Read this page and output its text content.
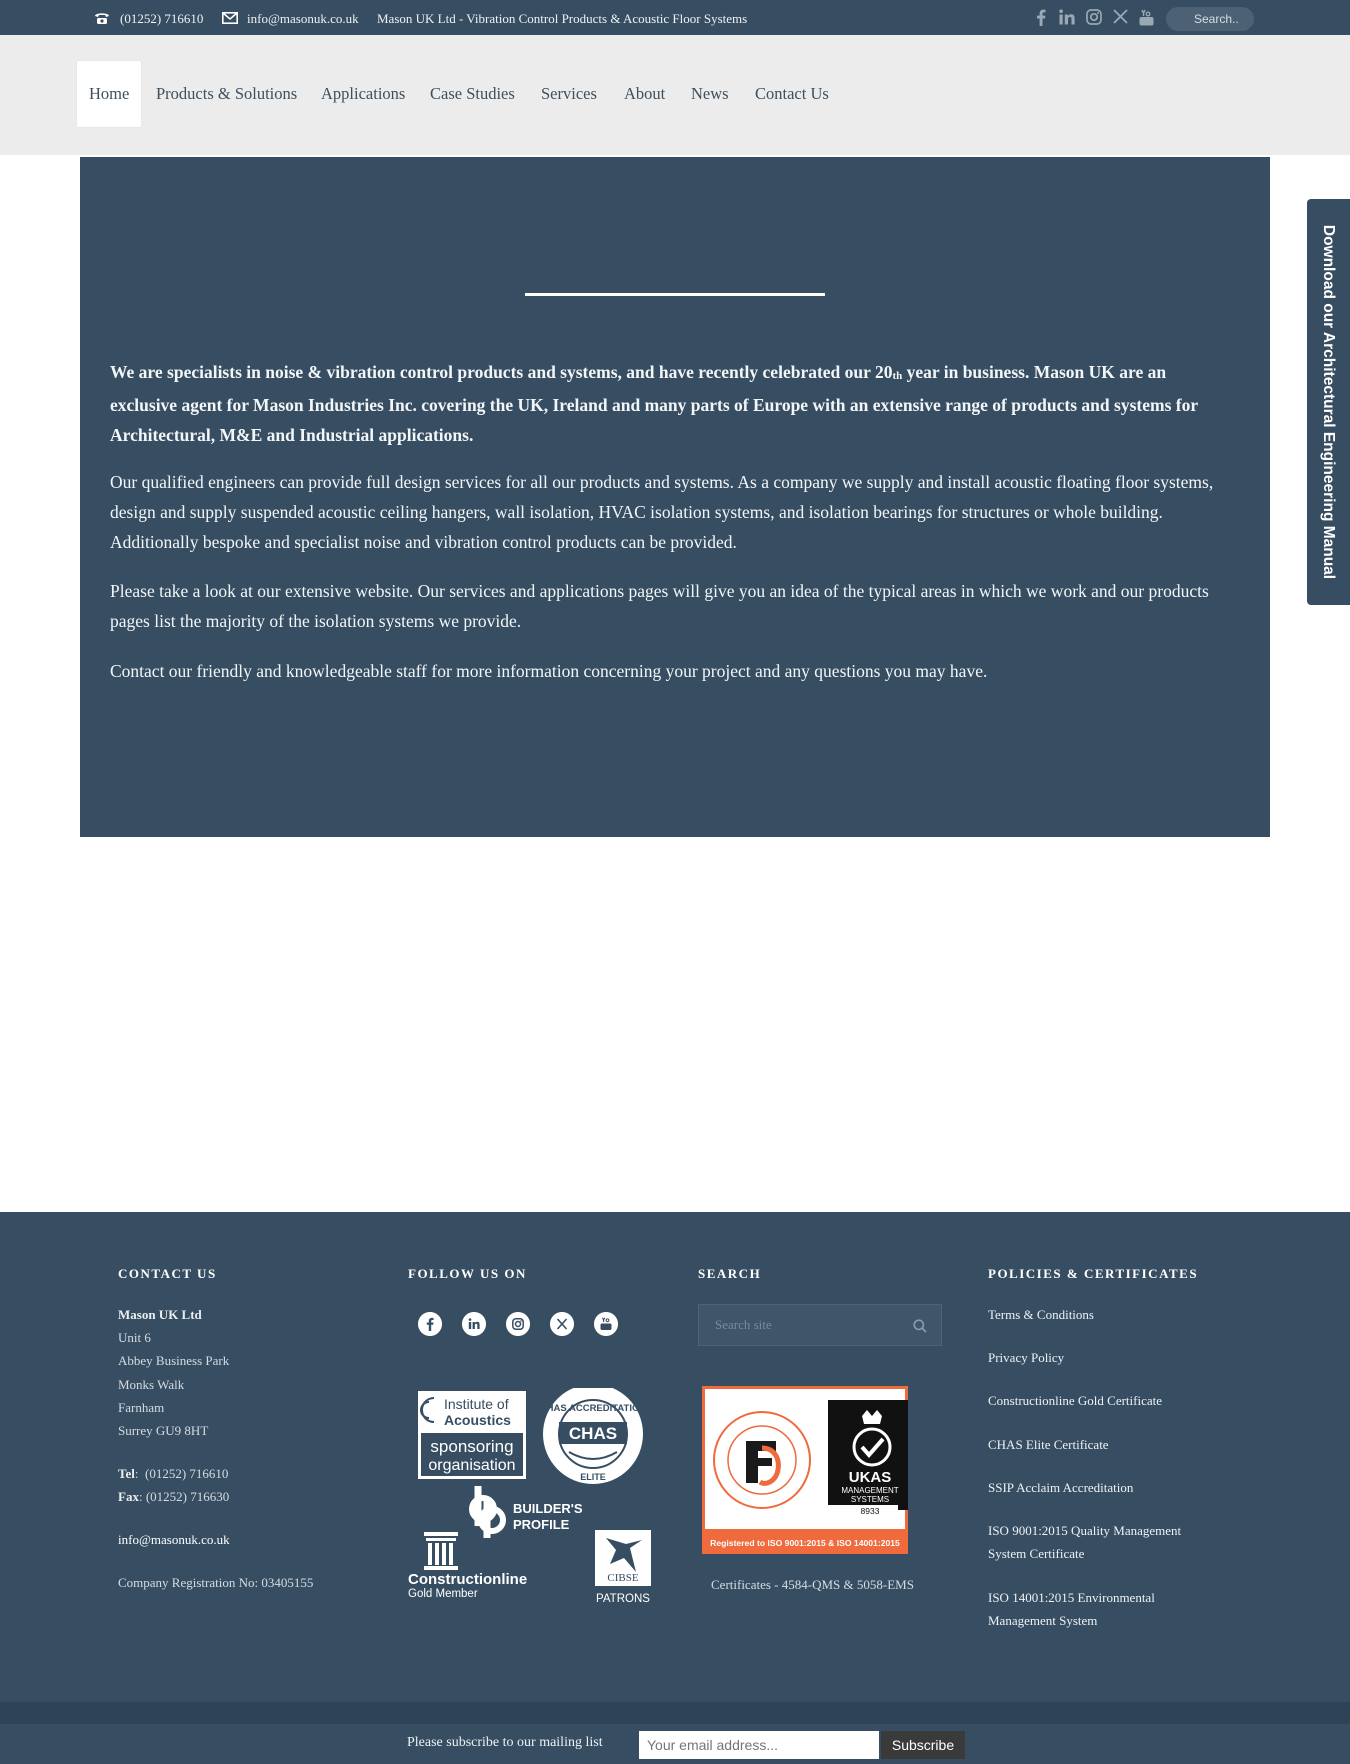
(01252) 716610	info@masonuk.co.uk Mason UK Ltd - Vibration Control Products & Acoustic Floor Systems	Search..
Home	Products & Solutions Applications Case Studies Services About News Contact Us

We are specialists in noise & vibration control products and systems, and have recently celebrated our $20_{th}$ year in business. Mason UK are an exclusive agent for Mason Industries Inc. covering the UK, Ireland and many parts of Europe with an extensive range of products and systems for Architectural, M&E and Industrial applications.

Our qualified engineers can provide full design services for all our products and systems. As a company we supply and install acoustic floating floor systems, design and supply suspended acoustic ceiling hangers, wall isolation, HVAC isolation systems, and isolation bearings for structures or whole building. Additionally bespoke and specialist noise and vibration control products can be provided.

Please take a look at our extensive website. Our services and applications pages will give you an idea of the typical areas in which we work and our products pages list the majority of the isolation systems we provide.

Contact our friendly and knowledgeable staff for more information concerning your project and any questions you may have.

Download our Architectural Engineering Manual
CONTACT US
Mason UK Ltd
Unit 6
Abbey Business Park
Monks Walk
Farnham
Surrey GU9 8HT
Tel:  (01252) 716610
Fax: (01252) 716630
info@masonuk.co.uk
Company Registration No: 03405155
FOLLOW US ON
Institute of
Acoustics
sponsoring
organisation
CHAS ACCREDITATION
CHAS
ELITE
BUILDER'S
PROFILE
Constructionline
Gold Member
CIBSE
PATRONS
SEARCH
Search site
UKAS
MANAGEMENT
SYSTEMS
8933
Registered to ISO 9001:2015 & ISO 14001:2015
Certificates - 4584-QMS & 5058-EMS
POLICIES & CERTIFICATES
Terms & Conditions
Privacy Policy
Constructionline Gold Certificate
CHAS Elite Certificate
SSIP Acclaim Accreditation
ISO 9001:2015 Quality Management
System Certificate
ISO 14001:2015 Environmental
Management System
Please subscribe to our mailing list
Your email address...	Subscribe
